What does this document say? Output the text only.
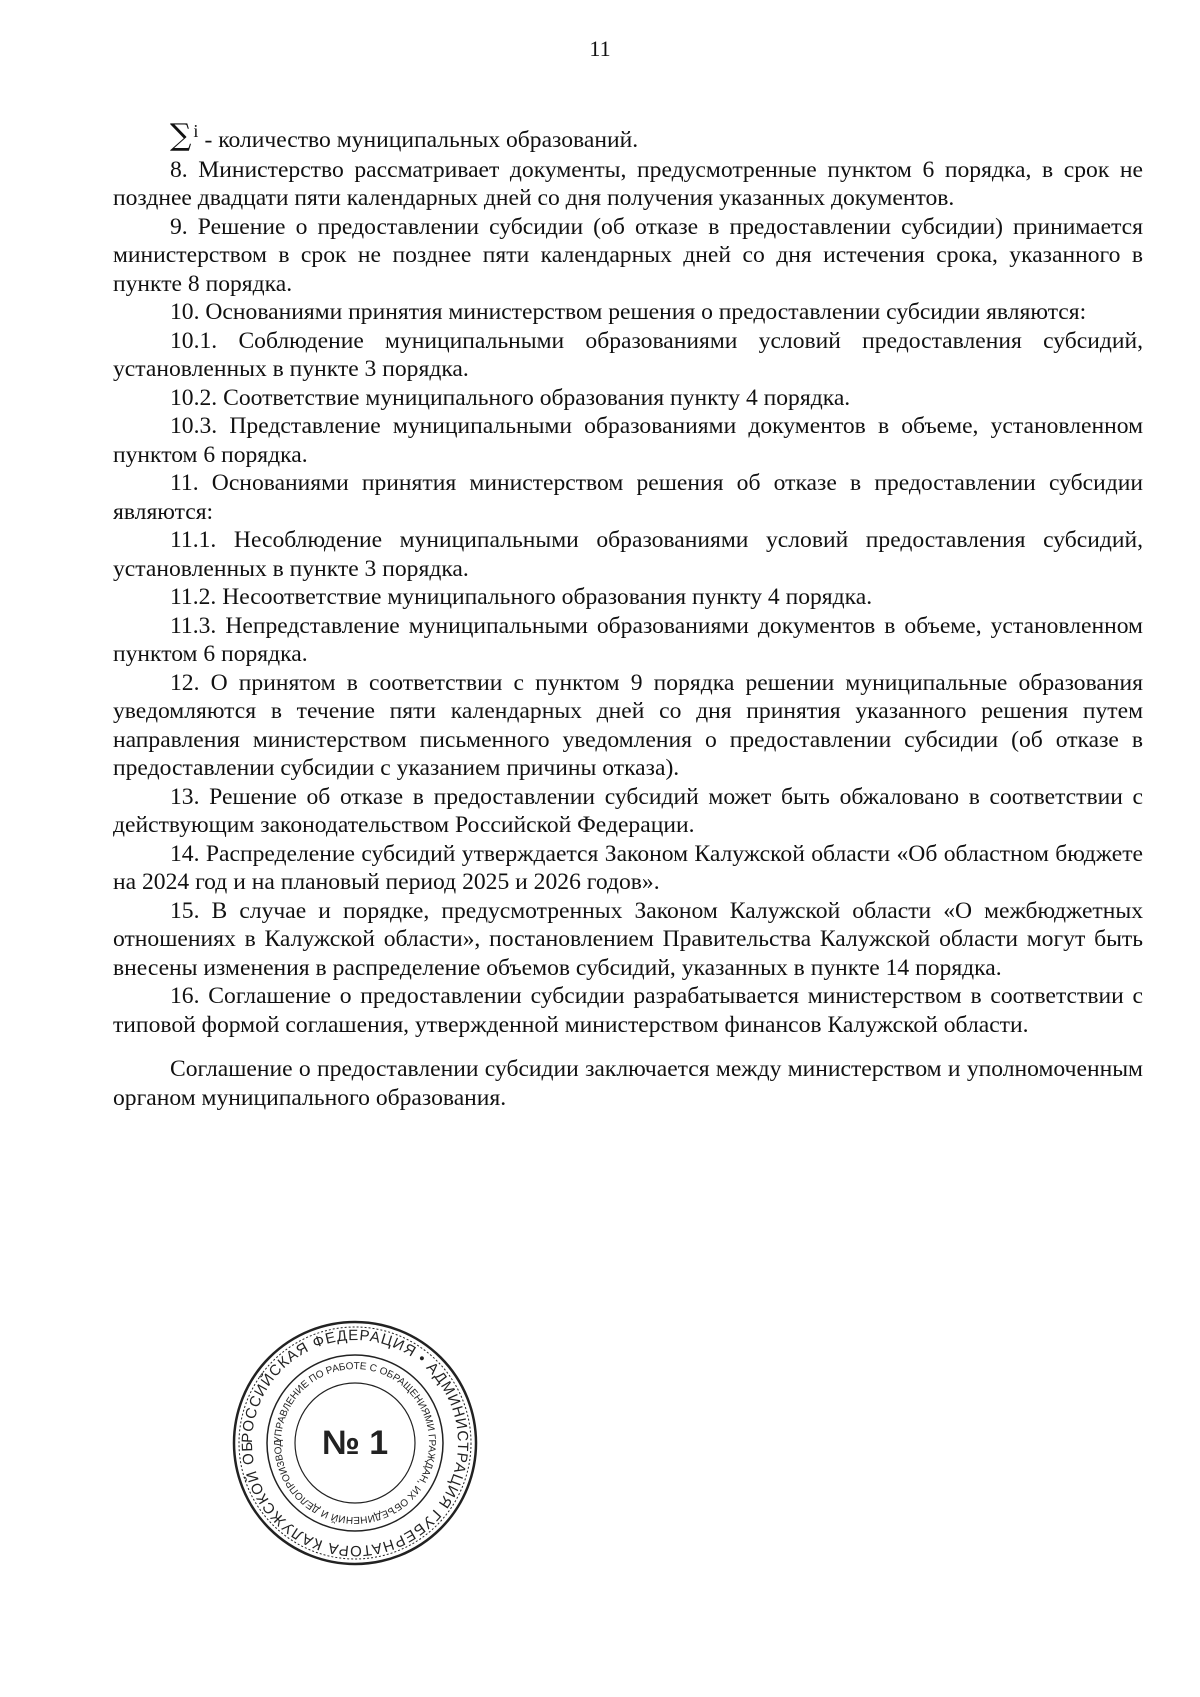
11
∑ $^i$ - количество муниципальных образований.

8. Министерство рассматривает документы, предусмотренные пунктом 6 порядка, в срок не позднее двадцати пяти календарных дней со дня получения указанных документов.

9. Решение о предоставлении субсидии (об отказе в предоставлении субсидии) принимается министерством в срок не позднее пяти календарных дней со дня истечения срока, указанного в пункте 8 порядка.

10. Основаниями принятия министерством решения о предоставлении субсидии являются:

10.1. Соблюдение муниципальными образованиями условий предоставления субсидий, установленных в пункте 3 порядка.

10.2. Соответствие муниципального образования пункту 4 порядка.

10.3. Представление муниципальными образованиями документов в объеме, установленном пунктом 6 порядка.

11. Основаниями принятия министерством решения об отказе в предоставлении субсидии являются:

11.1. Несоблюдение муниципальными образованиями условий предоставления субсидий, установленных в пункте 3 порядка.

11.2. Несоответствие муниципального образования пункту 4 порядка.

11.3. Непредставление муниципальными образованиями документов в объеме, установленном пунктом 6 порядка.

12. О принятом в соответствии с пунктом 9 порядка решении муниципальные образования уведомляются в течение пяти календарных дней со дня принятия указанного решения путем направления министерством письменного уведомления о предоставлении субсидии (об отказе в предоставлении субсидии с указанием причины отказа).

13. Решение об отказе в предоставлении субсидий может быть обжаловано в соответствии с действующим законодательством Российской Федерации.

14. Распределение субсидий утверждается Законом Калужской области «Об областном бюджете на 2024 год и на плановый период 2025 и 2026 годов».

15. В случае и порядке, предусмотренных Законом Калужской области «О межбюджетных отношениях в Калужской области», постановлением Правительства Калужской области могут быть внесены изменения в распределение объемов субсидий, указанных в пункте 14 порядка.

16. Соглашение о предоставлении субсидии разрабатывается министерством в соответствии с типовой формой соглашения, утвержденной министерством финансов Калужской области.

Соглашение о предоставлении субсидии заключается между министерством и уполномоченным органом муниципального образования.

РОССИЙСКАЯ ФЕДЕРАЦИЯ • АДМИНИСТРАЦИЯ ГУБЕРНАТОРА КАЛУЖСКОЙ ОБ
УПРАВЛЕНИЕ ПО РАБОТЕ С ОБРАЩЕНИЯМИ ГРАЖДАН, ИХ ОБЪЕДИНЕНИЙ И ДЕЛОПРОИЗВОД	№ 1
